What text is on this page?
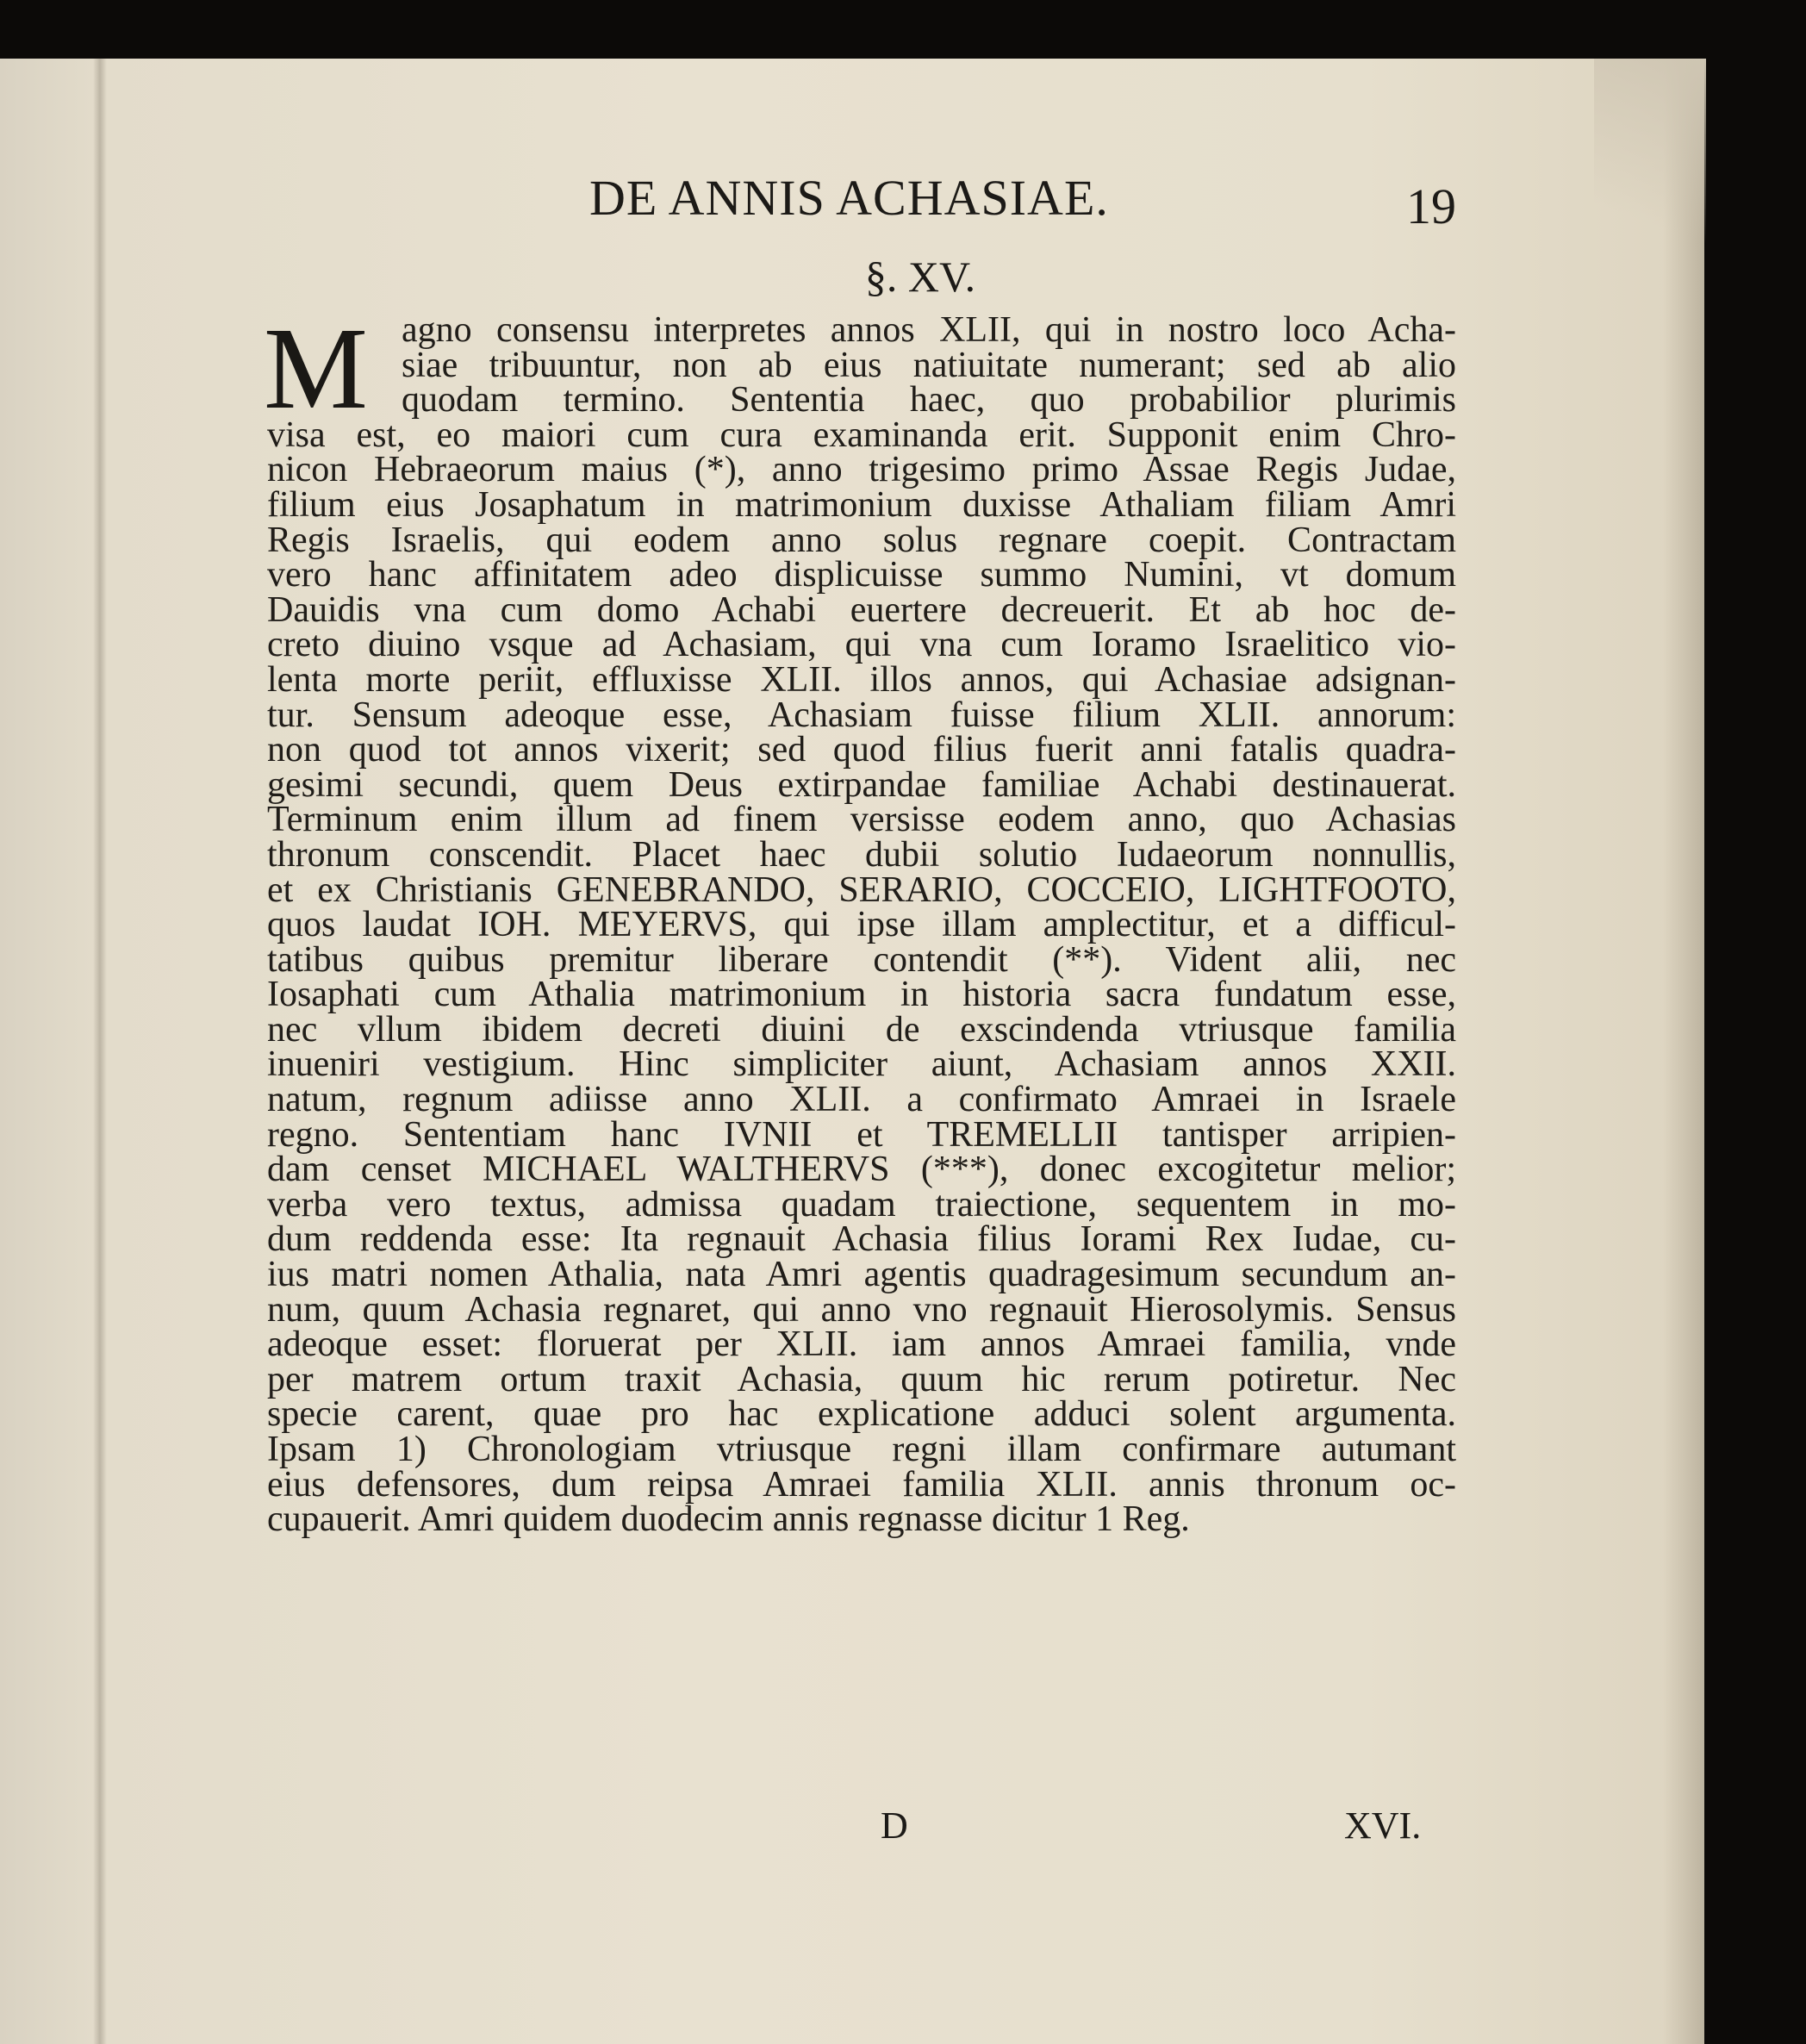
DE ANNIS ACHASIAE.	19
§. XV.
M agno consensu interpretes annos XLII, qui in nostro loco Acha-
siae tribuuntur, non ab eius natiuitate numerant; sed ab alio
quodam termino. Sententia haec, quo probabilior plurimis
visa est, eo maiori cum cura examinanda erit. Supponit enim Chro-
nicon Hebraeorum maius (*), anno trigesimo primo Assae Regis Judae,
filium eius Josaphatum in matrimonium duxisse Athaliam filiam Amri
Regis Israelis, qui eodem anno solus regnare coepit. Contractam
vero hanc affinitatem adeo displicuisse summo Numini, vt domum
Dauidis vna cum domo Achabi euertere decreuerit. Et ab hoc de-
creto diuino vsque ad Achasiam, qui vna cum Ioramo Israelitico vio-
lenta morte periit, effluxisse XLII. illos annos, qui Achasiae adsignan-
tur. Sensum adeoque esse, Achasiam fuisse filium XLII. annorum:
non quod tot annos vixerit; sed quod filius fuerit anni fatalis quadra-
gesimi secundi, quem Deus extirpandae familiae Achabi destinauerat.
Terminum enim illum ad finem versisse eodem anno, quo Achasias
thronum conscendit. Placet haec dubii solutio Iudaeorum nonnullis,
et ex Christianis GENEBRANDO, SERARIO, COCCEIO, LIGHTFOOTO,
quos laudat IOH. MEYERVS, qui ipse illam amplectitur, et a difficul-
tatibus quibus premitur liberare contendit (**). Vident alii, nec
Iosaphati cum Athalia matrimonium in historia sacra fundatum esse,
nec vllum ibidem decreti diuini de exscindenda vtriusque familia
inueniri vestigium. Hinc simpliciter aiunt, Achasiam annos XXII.
natum, regnum adiisse anno XLII. a confirmato Amraei in Israele
regno. Sententiam hanc IVNII et TREMELLII tantisper arripien-
dam censet MICHAEL WALTHERVS (***), donec excogitetur melior;
verba vero textus, admissa quadam traiectione, sequentem in mo-
dum reddenda esse: Ita regnauit Achasia filius Iorami Rex Iudae, cu-
ius matri nomen Athalia, nata Amri agentis quadragesimum secundum an-
num, quum Achasia regnaret, qui anno vno regnauit Hierosolymis. Sensus
adeoque esset: floruerat per XLII. iam annos Amraei familia, vnde
per matrem ortum traxit Achasia, quum hic rerum potiretur. Nec
specie carent, quae pro hac explicatione adduci solent argumenta.
Ipsam 1) Chronologiam vtriusque regni illam confirmare autumant
eius defensores, dum reipsa Amraei familia XLII. annis thronum oc-
cupauerit. Amri quidem duodecim annis regnasse dicitur 1 Reg.
D	XVI.
